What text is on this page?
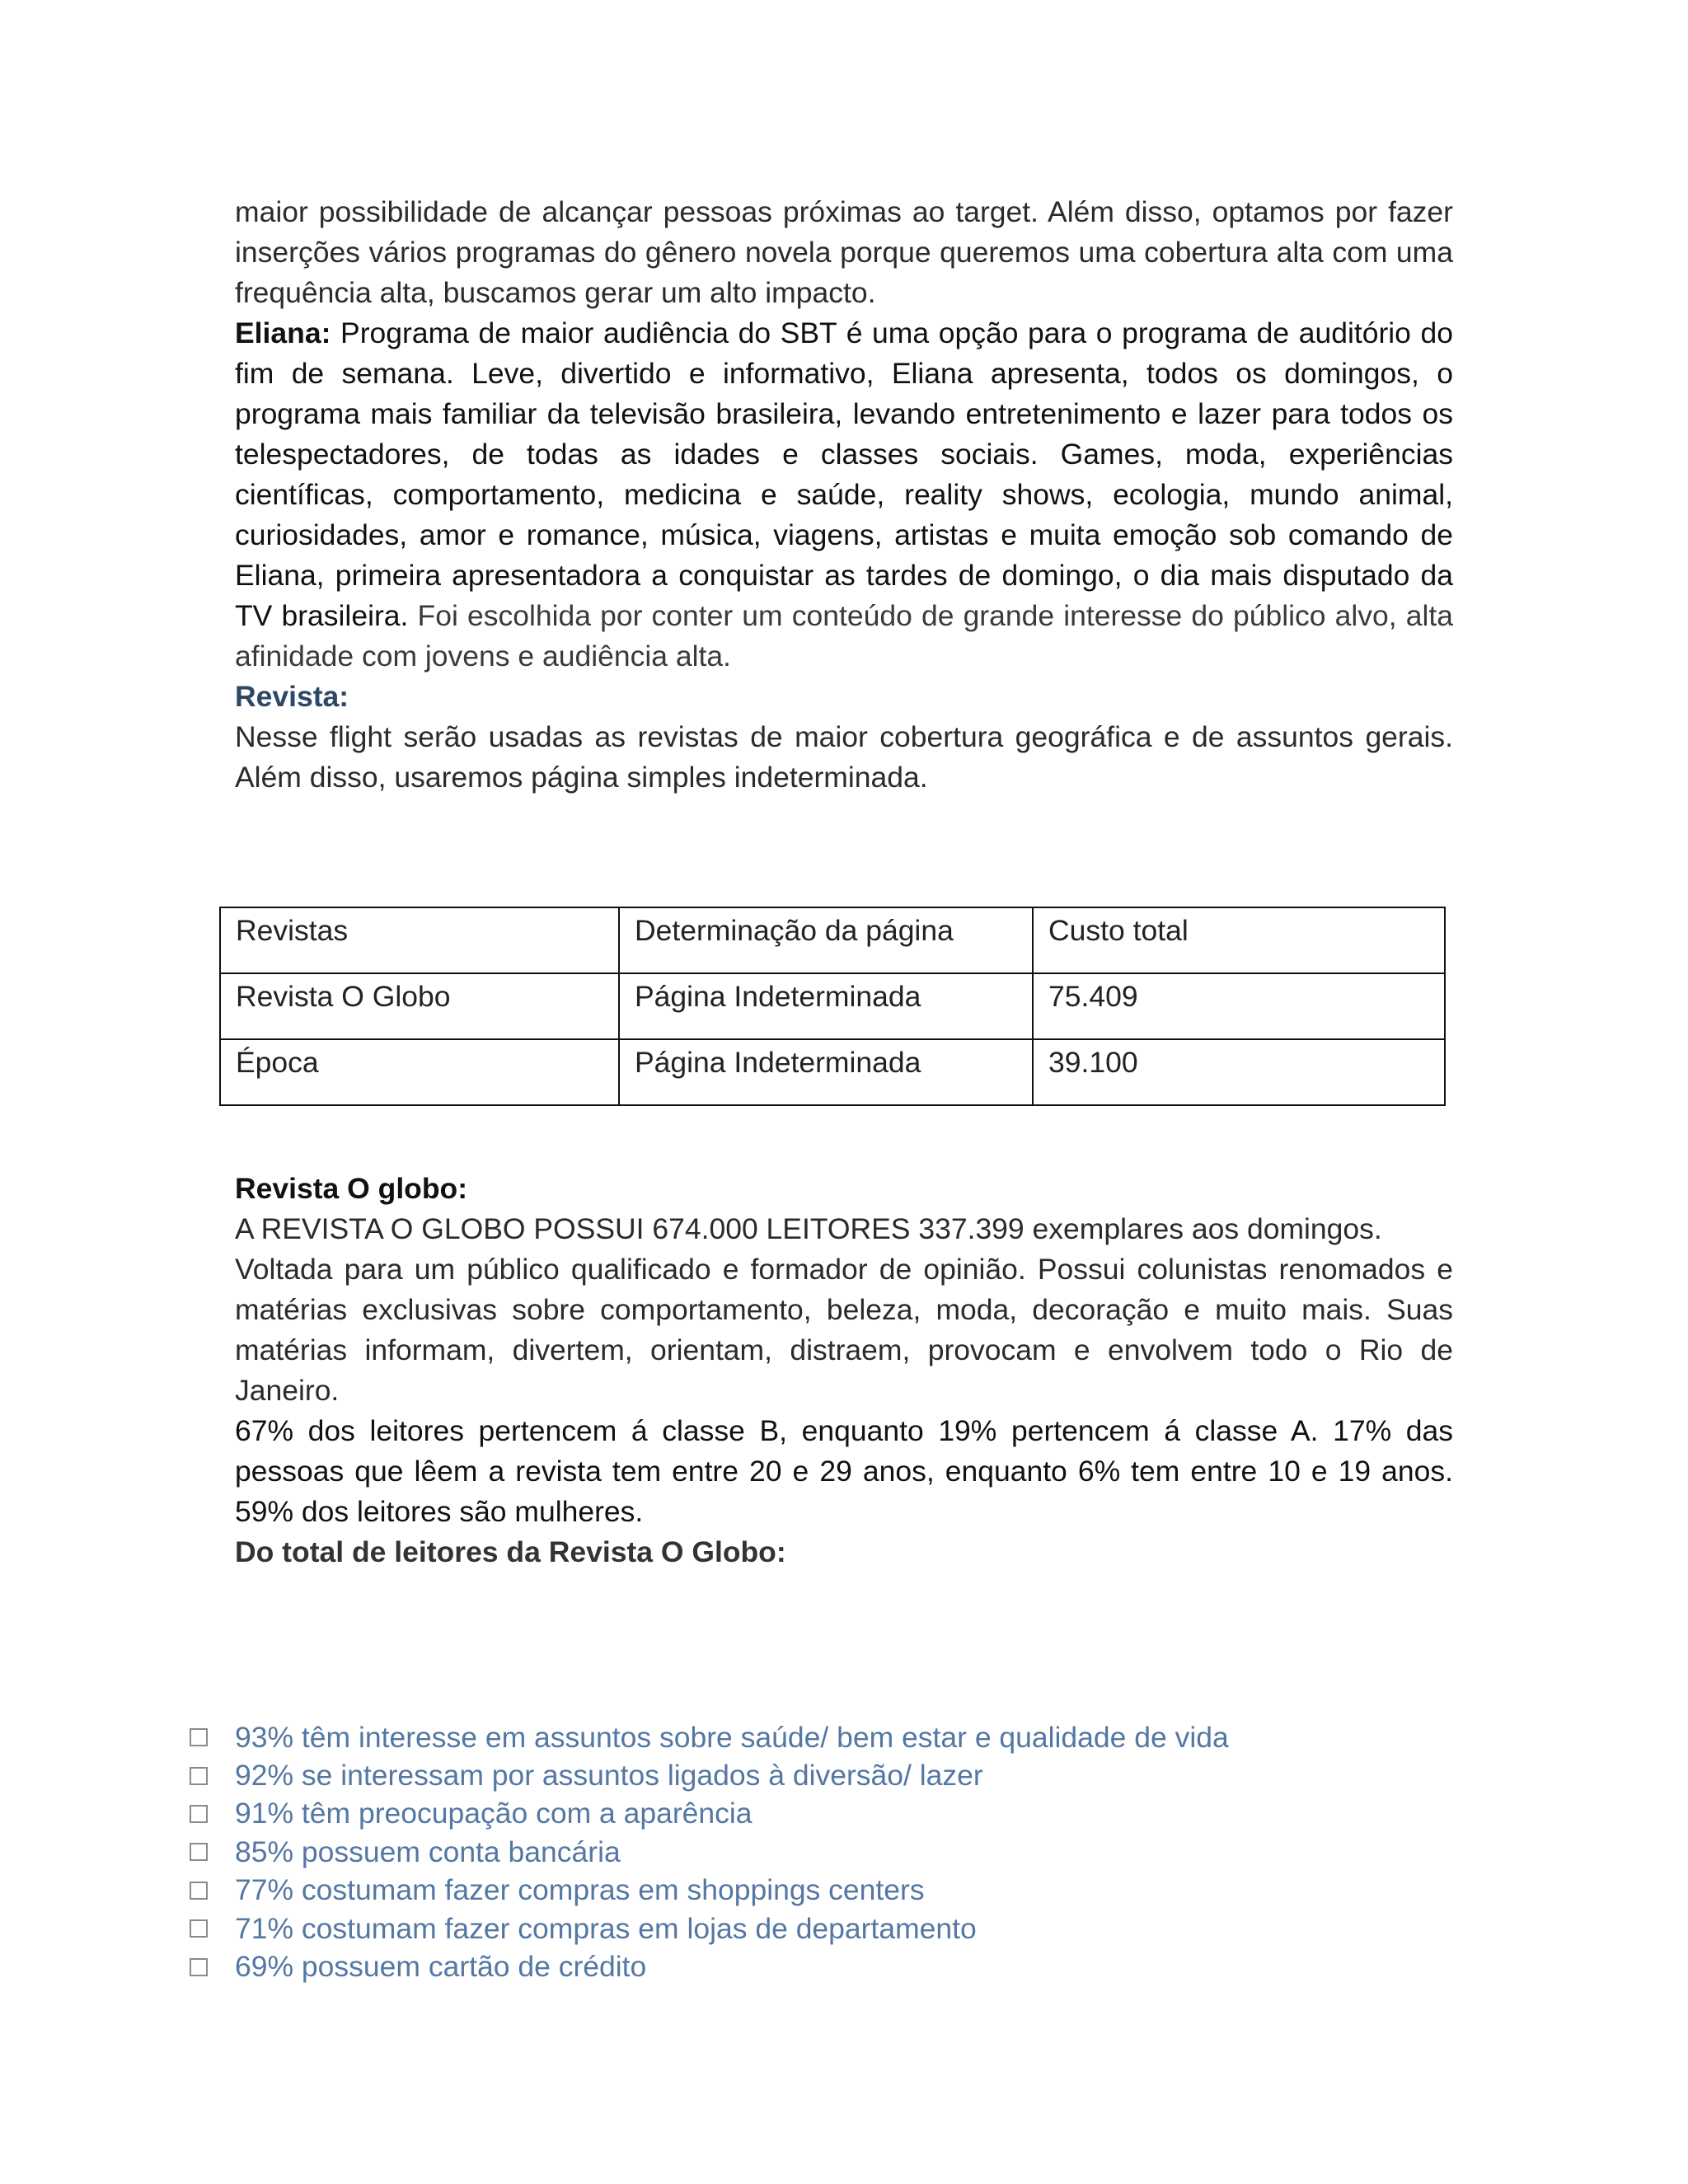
maior possibilidade de alcançar pessoas próximas ao target. Além disso, optamos por fazer inserções vários programas do gênero novela porque queremos uma cobertura alta com uma frequência alta, buscamos gerar um alto impacto.

Eliana: Programa de maior audiência do SBT é uma opção para o programa de auditório do fim de semana. Leve, divertido e informativo, Eliana apresenta, todos os domingos, o programa mais familiar da televisão brasileira, levando entretenimento e lazer para todos os telespectadores, de todas as idades e classes sociais. Games, moda, experiências científicas, comportamento, medicina e saúde, reality shows, ecologia, mundo animal, curiosidades, amor e romance, música, viagens, artistas e muita emoção sob comando de Eliana, primeira apresentadora a conquistar as tardes de domingo, o dia mais disputado da TV brasileira. Foi escolhida por conter um conteúdo de grande interesse do público alvo, alta afinidade com jovens e audiência alta.

Revista:

Nesse flight serão usadas as revistas de maior cobertura geográfica e de assuntos gerais. Além disso, usaremos página simples indeterminada.

Revistas	Determinação da página	Custo total
Revista O Globo	Página Indeterminada	75.409
Época	Página Indeterminada	39.100
Revista O globo:

A REVISTA O GLOBO POSSUI 674.000 LEITORES 337.399 exemplares aos domingos.

Voltada para um público qualificado e formador de opinião. Possui colunistas renomados e matérias exclusivas sobre comportamento, beleza, moda, decoração e muito mais. Suas matérias informam, divertem, orientam, distraem, provocam e envolvem todo o Rio de Janeiro.

67% dos leitores pertencem á classe B, enquanto 19% pertencem á classe A. 17% das pessoas que lêem a revista tem entre 20 e 29 anos, enquanto 6% tem entre 10 e 19 anos. 59% dos leitores são mulheres.

Do total de leitores da Revista O Globo:
93% têm interesse em assuntos sobre saúde/ bem estar e qualidade de vida
92% se interessam por assuntos ligados à diversão/ lazer
91% têm preocupação com a aparência
85% possuem conta bancária
77% costumam fazer compras em shoppings centers
71% costumam fazer compras em lojas de departamento
69% possuem cartão de crédito
